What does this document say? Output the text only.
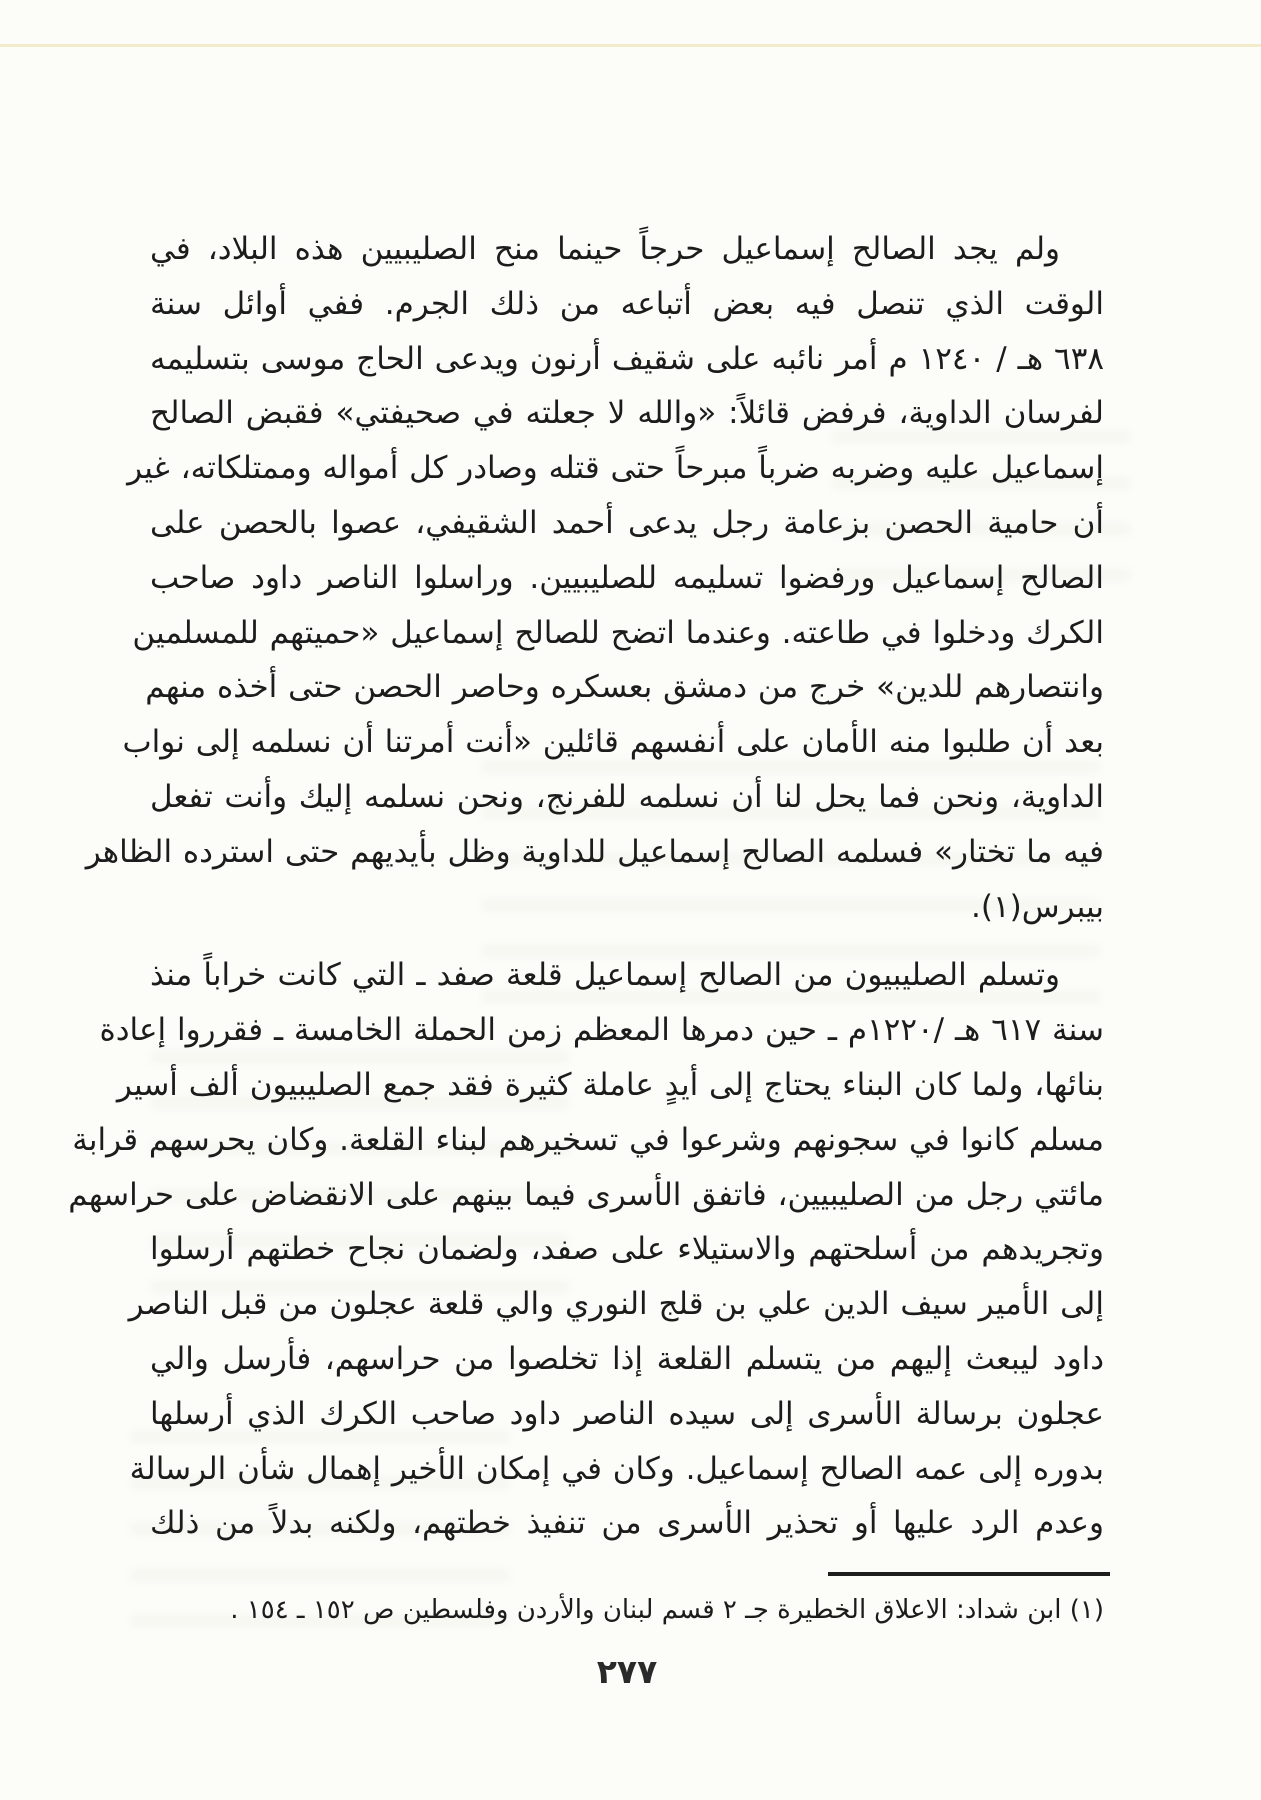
ولم يجد الصالح إسماعيل حرجاً حينما منح الصليبيين هذه البلاد، في
الوقت الذي تنصل فيه بعض أتباعه من ذلك الجرم. ففي أوائل سنة
٦٣٨ هـ / ١٢٤٠ م أمر نائبه على شقيف أرنون ويدعى الحاج موسى بتسليمه
لفرسان الداوية، فرفض قائلاً: «والله لا جعلته في صحيفتي» فقبض الصالح
إسماعيل عليه وضربه ضرباً مبرحاً حتى قتله وصادر كل أمواله وممتلكاته، غير
أن حامية الحصن بزعامة رجل يدعى أحمد الشقيفي، عصوا بالحصن على
الصالح إسماعيل ورفضوا تسليمه للصليبيين. وراسلوا الناصر داود صاحب
الكرك ودخلوا في طاعته. وعندما اتضح للصالح إسماعيل «حميتهم للمسلمين
وانتصارهم للدين» خرج من دمشق بعسكره وحاصر الحصن حتى أخذه منهم
بعد أن طلبوا منه الأمان على أنفسهم قائلين «أنت أمرتنا أن نسلمه إلى نواب
الداوية، ونحن فما يحل لنا أن نسلمه للفرنج، ونحن نسلمه إليك وأنت تفعل
فيه ما تختار» فسلمه الصالح إسماعيل للداوية وظل بأيديهم حتى استرده الظاهر
بيبرس(١).
وتسلم الصليبيون من الصالح إسماعيل قلعة صفد ـ التي كانت خراباً منذ
سنة ٦١٧ هـ /١٢٢٠م ـ حين دمرها المعظم زمن الحملة الخامسة ـ فقرروا إعادة
بنائها، ولما كان البناء يحتاج إلى أيدٍ عاملة كثيرة فقد جمع الصليبيون ألف أسير
مسلم كانوا في سجونهم وشرعوا في تسخيرهم لبناء القلعة. وكان يحرسهم قرابة
مائتي رجل من الصليبيين، فاتفق الأسرى فيما بينهم على الانقضاض على حراسهم
وتجريدهم من أسلحتهم والاستيلاء على صفد، ولضمان نجاح خطتهم أرسلوا
إلى الأمير سيف الدين علي بن قلج النوري والي قلعة عجلون من قبل الناصر
داود ليبعث إليهم من يتسلم القلعة إذا تخلصوا من حراسهم، فأرسل والي
عجلون برسالة الأسرى إلى سيده الناصر داود صاحب الكرك الذي أرسلها
بدوره إلى عمه الصالح إسماعيل. وكان في إمكان الأخير إهمال شأن الرسالة
وعدم الرد عليها أو تحذير الأسرى من تنفيذ خطتهم، ولكنه بدلاً من ذلك
(١) ابن شداد: الاعلاق الخطيرة جـ ٢ قسم لبنان والأردن وفلسطين ص ١٥٢ ـ ١٥٤ .
٢٧٧
